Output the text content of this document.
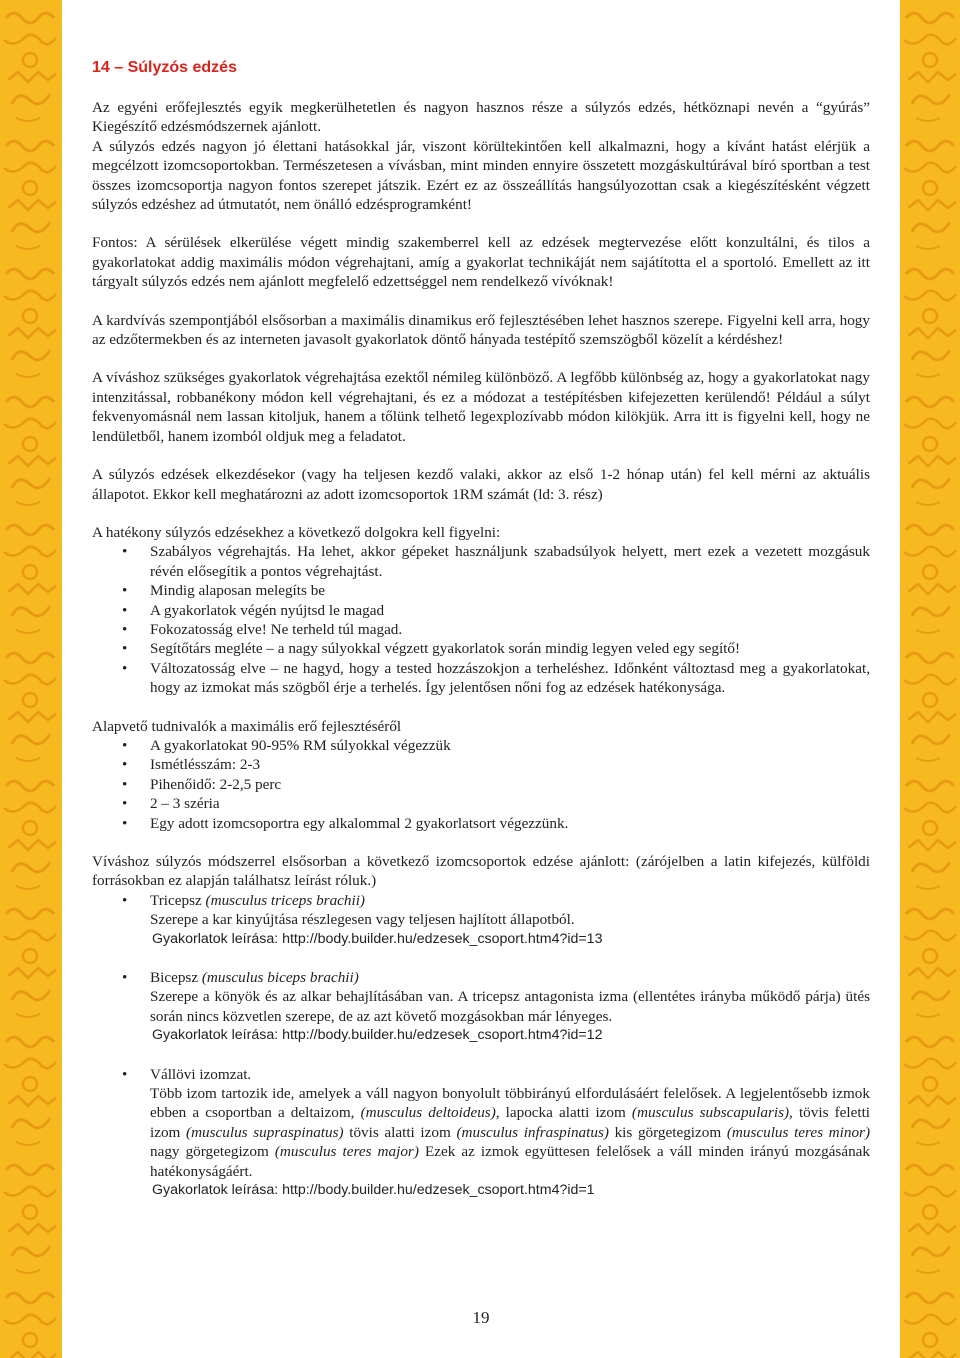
14 – Súlyzós edzés

Az egyéni erőfejlesztés egyik megkerülhetetlen és nagyon hasznos része a súlyzós edzés, hétköznapi nevén a “gyúrás” Kiegészítő edzésmódszernek ajánlott.

A súlyzós edzés nagyon jó élettani hatásokkal jár, viszont körültekintően kell alkalmazni, hogy a kívánt hatást elérjük a megcélzott izomcsoportokban. Természetesen a vívásban, mint minden ennyire összetett mozgáskultúrával bíró sportban a test összes izomcsoportja nagyon fontos szerepet játszik. Ezért ez az összeállítás hangsúlyozottan csak a kiegészítésként végzett súlyzós edzéshez ad útmutatót, nem önálló edzésprogramként!

Fontos: A sérülések elkerülése végett mindig szakemberrel kell az edzések megtervezése előtt konzultálni, és tilos a gyakorlatokat addig maximális módon végrehajtani, amíg a gyakorlat technikáját nem sajátította el a sportoló. Emellett az itt tárgyalt súlyzós edzés nem ajánlott megfelelő edzettséggel nem rendelkező vívóknak!

A kardvívás szempontjából elsősorban a maximális dinamikus erő fejlesztésében lehet hasznos szerepe. Figyelni kell arra, hogy az edzőtermekben és az interneten javasolt gyakorlatok döntő hányada testépítő szemszögből közelít a kérdéshez!

A víváshoz szükséges gyakorlatok végrehajtása ezektől némileg különböző. A legfőbb különbség az, hogy a gyakorlatokat nagy intenzitással, robbanékony módon kell végrehajtani, és ez a módozat a testépítésben kifejezetten kerülendő! Például a súlyt fekvenyomásnál nem lassan kitoljuk, hanem a tőlünk telhető legexplozívabb módon kilökjük. Arra itt is figyelni kell, hogy ne lendületből, hanem izomból oldjuk meg a feladatot.

A súlyzós edzések elkezdésekor (vagy ha teljesen kezdő valaki, akkor az első 1-2 hónap után) fel kell mérni az aktuális állapotot. Ekkor kell meghatározni az adott izomcsoportok 1RM számát (ld: 3. rész)

A hatékony súlyzós edzésekhez a következő dolgokra kell figyelni:

• Szabályos végrehajtás. Ha lehet, akkor gépeket használjunk szabadsúlyok helyett, mert ezek a vezetett mozgásuk révén elősegítik a pontos végrehajtást.
• Mindig alaposan melegíts be
• A gyakorlatok végén nyújtsd le magad
• Fokozatosság elve! Ne terheld túl magad.
• Segítőtárs megléte – a nagy súlyokkal végzett gyakorlatok során mindig legyen veled egy segítő!
• Változatosság elve – ne hagyd, hogy a tested hozzászokjon a terheléshez. Időnként változtasd meg a gyakorlatokat, hogy az izmokat más szögből érje a terhelés. Így jelentősen nőni fog az edzések hatékonysága.

Alapvető tudnivalók a maximális erő fejlesztéséről

• A gyakorlatokat 90-95% RM súlyokkal végezzük
• Ismétlésszám: 2-3
• Pihenőidő: 2-2,5 perc
• 2 – 3 széria
• Egy adott izomcsoportra egy alkalommal 2 gyakorlatsort végezzünk.

Víváshoz súlyzós módszerrel elsősorban a következő izomcsoportok edzése ajánlott: (zárójelben a latin kifejezés, külföldi forrásokban ez alapján találhatsz leírást róluk.)

• Tricepsz (musculus triceps brachii)
Szerepe a kar kinyújtása részlegesen vagy teljesen hajlított állapotból.
Gyakorlatok leírása: http://body.builder.hu/edzesek_csoport.htm4?id=13
• Bicepsz (musculus biceps brachii)
Szerepe a könyök és az alkar behajlításában van. A tricepsz antagonista izma (ellentétes irányba működő párja) ütés során nincs közvetlen szerepe, de az azt követő mozgásokban már lényeges.
Gyakorlatok leírása: http://body.builder.hu/edzesek_csoport.htm4?id=12
• Vállövi izomzat.
Több izom tartozik ide, amelyek a váll nagyon bonyolult többirányú elfordulásáért felelősek. A legjelentősebb izmok ebben a csoportban a deltaizom, (musculus deltoideus), lapocka alatti izom (musculus subscapularis), tövis feletti izom (musculus supraspinatus) tövis alatti izom (musculus infraspinatus) kis görgetegizom (musculus teres minor) nagy görgetegizom (musculus teres major) Ezek az izmok együttesen felelősek a váll minden irányú mozgásának hatékonyságáért.
Gyakorlatok leírása: http://body.builder.hu/edzesek_csoport.htm4?id=1
19
